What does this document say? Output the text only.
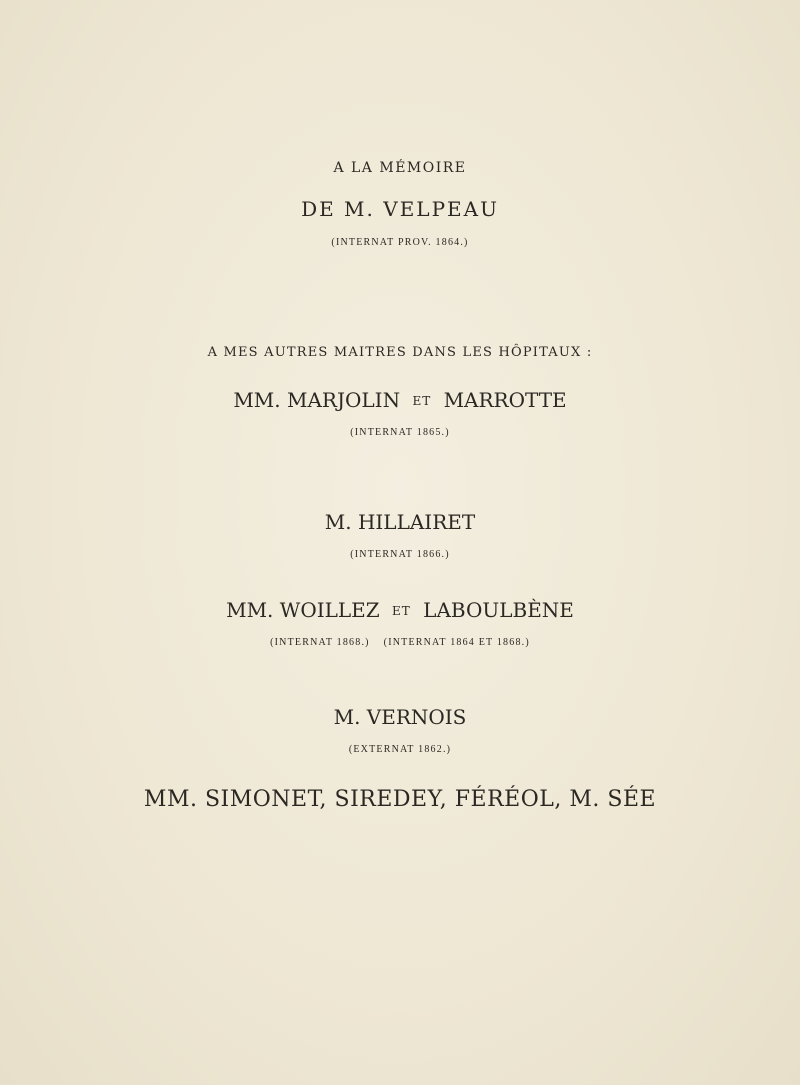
A LA MÉMOIRE
DE M. VELPEAU
(INTERNAT PROV. 1864.)
A MES AUTRES MAITRES DANS LES HÔPITAUX :
MM. MARJOLIN ET MARROTTE
(INTERNAT 1865.)
M. HILLAIRET
(INTERNAT 1866.)
MM. WOILLEZ ET LABOULBÈNE
(INTERNAT 1868.) (INTERNAT 1864 ET 1868.)
M. VERNOIS
(EXTERNAT 1862.)
MM. SIMONET, SIREDEY, FÉRÉOL, M. SÉE
